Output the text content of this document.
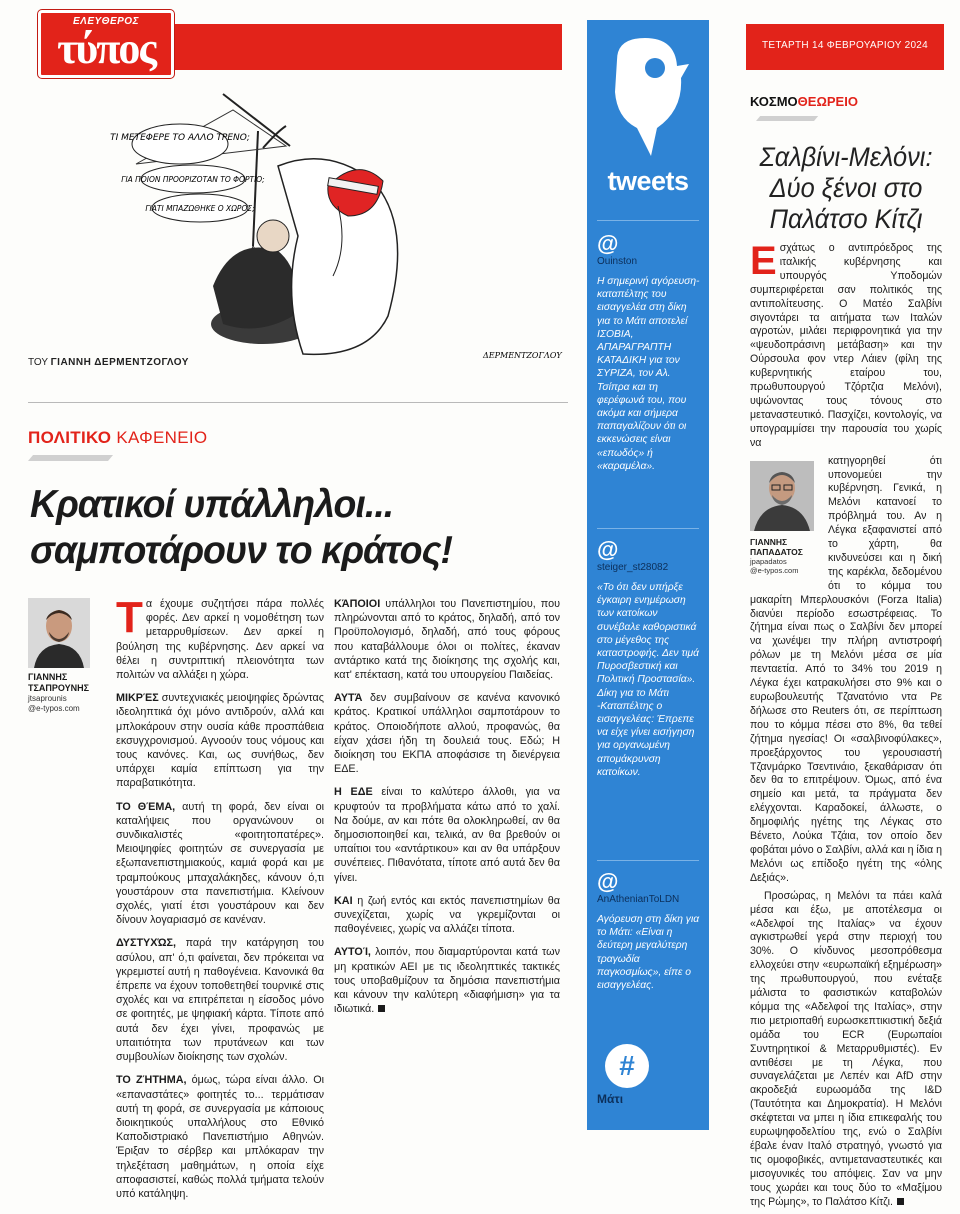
ΕΛΕΥΘΕΡΟΣ
τύπος
ΤΙ ΜΕΤΕΦΕΡΕ ΤΟ ΑΛΛΟ ΤΡΕΝΟ;
ΓΙΑ ΠΟΙΟΝ ΠΡΟΟΡΙΖΟΤΑΝ ΤΟ ΦΟΡΤΙΟ;
ΓΙΑΤΙ ΜΠΑΖΩΘΗΚΕ Ο ΧΩΡΟΣ;
ΔΕΡΜΕΝΤΖΟΓΛΟΥ
ΤΟΥ ΓΙΑΝΝΗ ΔΕΡΜΕΝΤΖΟΓΛΟΥ
ΠΟΛΙΤΙΚΟ ΚΑΦΕΝΕΙΟ
Κρατικοί υπάλληλοι...
σαμποτάρουν το κράτος!
ΓΙΑΝΝΗΣ
ΤΣΑΠΡΟΥΝΗΣ
jtsaprounis
@e-typos.com

Τα έχουμε συζητήσει πάρα πολλές φορές. Δεν αρκεί η νομοθέτηση των μεταρρυθμίσεων. Δεν αρκεί η βούληση της κυβέρνησης. Δεν αρκεί να θέλει η συντριπτική πλειονότητα των πολιτών να αλλάξει η χώρα.

ΜΙΚΡΈΣ συντεχνιακές μειοψηφίες δρώντας ιδεοληπτικά όχι μόνο αντιδρούν, αλλά και μπλοκάρουν στην ουσία κάθε προσπάθεια εκσυγχρονισμού. Αγνοούν τους νόμους και τους κανόνες. Και, ως συνήθως, δεν υπάρχει καμία επίπτωση για την παραβατικότητα.

ΤΟ ΘΈΜΑ, αυτή τη φορά, δεν είναι οι καταλήψεις που οργανώνουν οι συνδικαλιστές «φοιτητοπατέρες». Μειοψηφίες φοιτητών σε συνεργασία με εξωπανεπιστημιακούς, καμιά φορά και με τραμπούκους μπαχαλάκηδες, κάνουν ό,τι γουστάρουν στα πανεπιστήμια. Κλείνουν σχολές, γιατί έτσι γουστάρουν και δεν δίνουν λογαριασμό σε κανέναν.

ΔΥΣΤΥΧΏΣ, παρά την κατάργηση του ασύλου, απ' ό,τι φαίνεται, δεν πρόκειται να γκρεμιστεί αυτή η παθογένεια. Κανονικά θα έπρεπε να έχουν τοποθετηθεί τουρνικέ στις σχολές και να επιτρέπεται η είσοδος μόνο σε φοιτητές, με ψηφιακή κάρτα. Τίποτε από αυτά δεν έχει γίνει, προφανώς με υπαιτιότητα των πρυτάνεων και των συμβουλίων διοίκησης των σχολών.

ΤΟ ΖΉΤΗΜΑ, όμως, τώρα είναι άλλο. Οι «επαναστάτες» φοιτητές το... τερμάτισαν αυτή τη φορά, σε συνεργασία με κάποιους διοικητικούς υπαλλήλους στο Εθνικό Καποδιστριακό Πανεπιστήμιο Αθηνών. Έριξαν το σέρβερ και μπλόκαραν την τηλεξέταση μαθημάτων, η οποία είχε αποφασιστεί, καθώς πολλά τμήματα τελούν υπό κατάληψη.

ΚΆΠΟΙΟΙ υπάλληλοι του Πανεπιστημίου, που πληρώνονται από το κράτος, δηλαδή, από τον Προϋπολογισμό, δηλαδή, από τους φόρους που καταβάλλουμε όλοι οι πολίτες, έκαναν αντάρτικο κατά της διοίκησης της σχολής και, κατ' επέκταση, κατά του υπουργείου Παιδείας.

ΑΥΤΆ δεν συμβαίνουν σε κανένα κανονικό κράτος. Κρατικοί υπάλληλοι σαμποτάρουν το κράτος. Οποιοδήποτε αλλού, προφανώς, θα είχαν χάσει ήδη τη δουλειά τους. Εδώ; Η διοίκηση του ΕΚΠΑ αποφάσισε τη διενέργεια ΕΔΕ.

Η ΕΔΕ είναι το καλύτερο άλλοθι, για να κρυφτούν τα προβλήματα κάτω από το χαλί. Να δούμε, αν και πότε θα ολοκληρωθεί, αν θα δημοσιοποιηθεί και, τελικά, αν θα βρεθούν οι υπαίτιοι του «αντάρτικου» και αν θα υπάρξουν συνέπειες. Πιθανότατα, τίποτε από αυτά δεν θα γίνει.

ΚΑΙ η ζωή εντός και εκτός πανεπιστημίων θα συνεχίζεται, χωρίς να γκρεμίζονται οι παθογένειες, χωρίς να αλλάζει τίποτα.

ΑΥΤΟΊ, λοιπόν, που διαμαρτύρονται κατά των μη κρατικών ΑΕΙ με τις ιδεοληπτικές τακτικές τους υποβαθμίζουν τα δημόσια πανεπιστήμια και κάνουν την καλύτερη «διαφήμιση» για τα ιδιωτικά.

tweets
@
Ouinston
Η σημερινή αγόρευση-καταπέλτης του εισαγγελέα στη δίκη για το Μάτι αποτελεί ΙΣΟΒΙΑ, ΑΠΑΡΑΓΡΑΠΤΗ ΚΑΤΑΔΙΚΗ για τον ΣΥΡΙΖΑ, τον Αλ. Τσίπρα και τη φερέφωνά του, που ακόμα και σήμερα παπαγαλίζουν ότι οι εκκενώσεις είναι «επωδός» ή «καραμέλα».
@
steiger_st28082
«Το ότι δεν υπήρξε έγκαιρη ενημέρωση των κατοίκων συνέβαλε καθοριστικά στο μέγεθος της καταστροφής. Δεν τιμά Πυροσβεστική και Πολιτική Προστασία». Δίκη για το Μάτι -Καταπέλτης ο εισαγγελέας: Έπρεπε να είχε γίνει εισήγηση για οργανωμένη απομάκρυνση κατοίκων.
@
AnAthenianToLDN
Αγόρευση στη δίκη για το Μάτι: «Είναι η δεύτερη μεγαλύτερη τραγωδία παγκοσμίως», είπε ο εισαγγελέας.
#
Μάτι
ΤΕΤΑΡΤΗ 14 ΦΕΒΡΟΥΑΡΙΟΥ 2024
ΚΟΣΜΟΘΕΩΡΕΙΟ
Σαλβίνι-Μελόνι: Δύο ξένοι στο Παλάτσο Κίτζι

Εσχάτως ο αντιπρόεδρος της ιταλικής κυβέρνησης και υπουργός Υποδομών συμπεριφέρεται σαν πολιτικός της αντιπολίτευσης. Ο Ματέο Σαλβίνι σιγοντάρει τα αιτήματα των Ιταλών αγροτών, μιλάει περιφρονητικά για την «ψευδοπράσινη μετάβαση» και την Ούρσουλα φον ντερ Λάιεν (φίλη της κυβερνητικής εταίρου του, πρωθυπουργού Τζόρτζια Μελόνι), υψώνοντας τους τόνους στο μεταναστευτικό. Πασχίζει, κοντολογίς, να υπογραμμίσει την παρουσία του χωρίς να

ΓΙΑΝΝΗΣ
ΠΑΠΑΔΑΤΟΣ
jpapadatos
@e-typos.com

κατηγορηθεί ότι υπονομεύει την κυβέρνηση. Γενικά, η Μελόνι κατανοεί το πρόβλημά του. Αν η Λέγκα εξαφανιστεί από το χάρτη, θα κινδυνεύσει και η δική της καρέκλα, δεδομένου ότι το κόμμα του μακαρίτη Μπερλουσκόνι (Forza Italia) διανύει περίοδο εσωστρέφειας. Το ζήτημα είναι πως ο Σαλβίνι δεν μπορεί να χωνέψει την πλήρη αντιστροφή ρόλων με τη Μελόνι μέσα σε μία πενταετία. Από το 34% του 2019 η Λέγκα έχει κατρακυλήσει στο 9% και ο ευρωβουλευτής Τζανατόνιο ντα Ρε δήλωσε στο Reuters ότι, σε περίπτωση που το κόμμα πέσει στο 8%, θα τεθεί ζήτημα ηγεσίας! Οι «σαλβινοφύλακες», προεξάρχοντος του γερουσιαστή Τζανμάρκο Τσεντινάιο, ξεκαθάρισαν ότι δεν θα το επιτρέψουν. Όμως, από ένα σημείο και μετά, τα πράγματα δεν ελέγχονται. Καραδοκεί, άλλωστε, ο δημοφιλής ηγέτης της Λέγκας στο Βένετο, Λούκα Τζάια, τον οποίο δεν φοβάται μόνο ο Σαλβίνι, αλλά και η ίδια η Μελόνι ως επίδοξο ηγέτη της «όλης Δεξιάς».

Προσώρας, η Μελόνι τα πάει καλά μέσα και έξω, με αποτέλεσμα οι «Αδελφοί της Ιταλίας» να έχουν αγκιστρωθεί γερά στην περιοχή του 30%. Ο κίνδυνος μεσοπρόθεσμα ελλοχεύει στην «ευρωπαϊκή εξημέρωση» της πρωθυπουργού, που ενέταξε μάλιστα το φασιστικών καταβολών κόμμα της «Αδελφοί της Ιταλίας», στην πιο μετριοπαθή ευρωσκεπτικιστική δεξιά ομάδα του ECR (Ευρωπαίοι Συντηρητικοί & Μεταρρυθμιστές). Εν αντιθέσει με τη Λέγκα, που συναγελάζεται με Λεπέν και AfD στην ακροδεξιά ευρωομάδα της I&D (Ταυτότητα και Δημοκρατία). Η Μελόνι σκέφτεται να μπει η ίδια επικεφαλής του ευρωψηφοδελτίου της, ενώ ο Σαλβίνι έβαλε έναν Ιταλό στρατηγό, γνωστό για τις ομοφοβικές, αντιμεταναστευτικές και μισογυνικές του απόψεις. Σαν να μην τους χωράει και τους δύο το «Μαξίμου της Ρώμης», το Παλάτσο Κίτζι.
